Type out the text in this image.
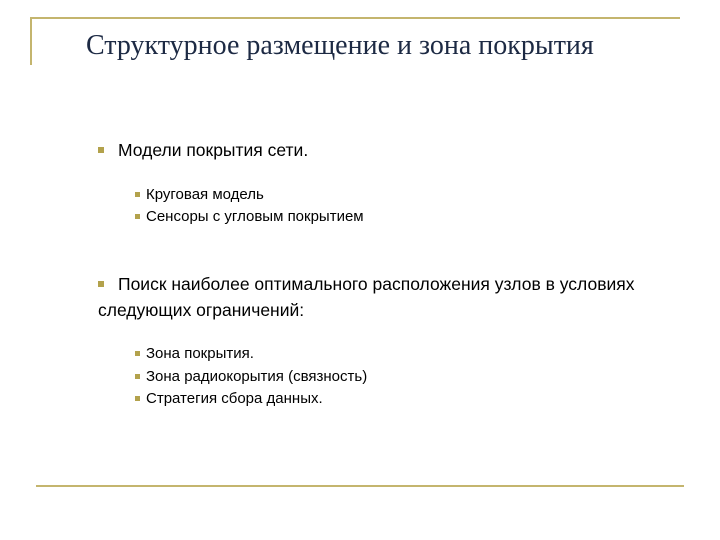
Структурное размещение и зона покрытия
Модели покрытия сети.
Круговая модель
Сенсоры с угловым покрытием
Поиск наиболее оптимального расположения узлов в условиях следующих ограничений:
Зона покрытия.
Зона радиокорытия (связность)
Стратегия сбора данных.
